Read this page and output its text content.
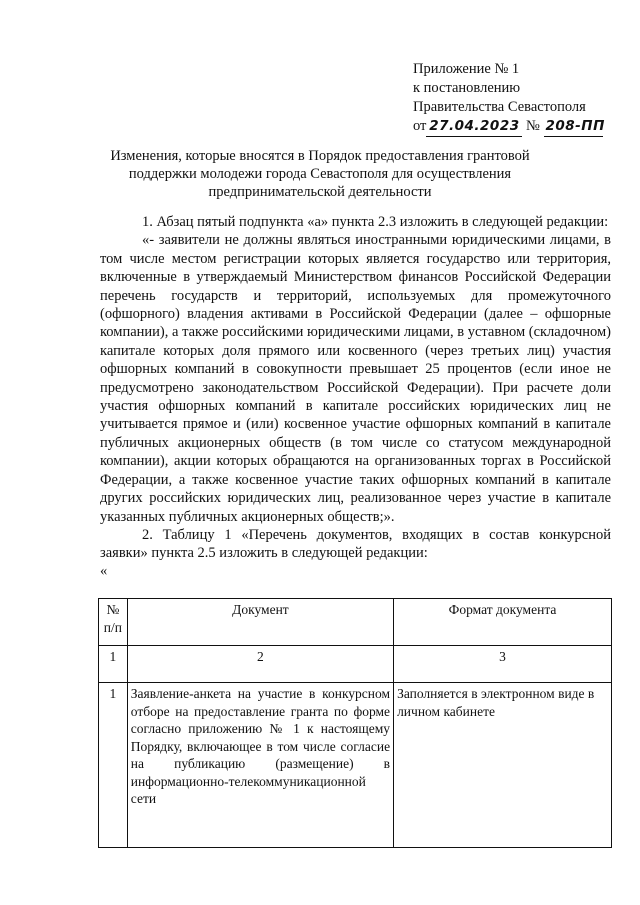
Приложение № 1
к постановлению
Правительства Севастополя
от 27.04.2023 № 208-ПП
Изменения, которые вносятся в Порядок предоставления грантовой поддержки молодежи города Севастополя для осуществления предпринимательской деятельности

1. Абзац пятый подпункта «а» пункта 2.3 изложить в следующей редакции:

«- заявители не должны являться иностранными юридическими лицами, в том числе местом регистрации которых является государство или территория, включенные в утверждаемый Министерством финансов Российской Федерации перечень государств и территорий, используемых для промежуточного (офшорного) владения активами в Российской Федерации (далее – офшорные компании), а также российскими юридическими лицами, в уставном (складочном) капитале которых доля прямого или косвенного (через третьих лиц) участия офшорных компаний в совокупности превышает 25 процентов (если иное не предусмотрено законодательством Российской Федерации). При расчете доли участия офшорных компаний в капитале российских юридических лиц не учитывается прямое и (или) косвенное участие офшорных компаний в капитале публичных акционерных обществ (в том числе со статусом международной компании), акции которых обращаются на организованных торгах в Российской Федерации, а также косвенное участие таких офшорных компаний в капитале других российских юридических лиц, реализованное через участие в капитале указанных публичных акционерных обществ;».

2. Таблицу 1 «Перечень документов, входящих в состав конкурсной заявки» пункта 2.5 изложить в следующей редакции:

«

№ п/п	Документ	Формат документа
1	2	3
1	Заявление-анкета на участие в конкурсном отборе на предоставление гранта по форме согласно приложению № 1 к настоящему Порядку, включающее в том числе согласие на публикацию (размещение) в информационно-телекоммуникационной сети	Заполняется в электронном виде в личном кабинете
